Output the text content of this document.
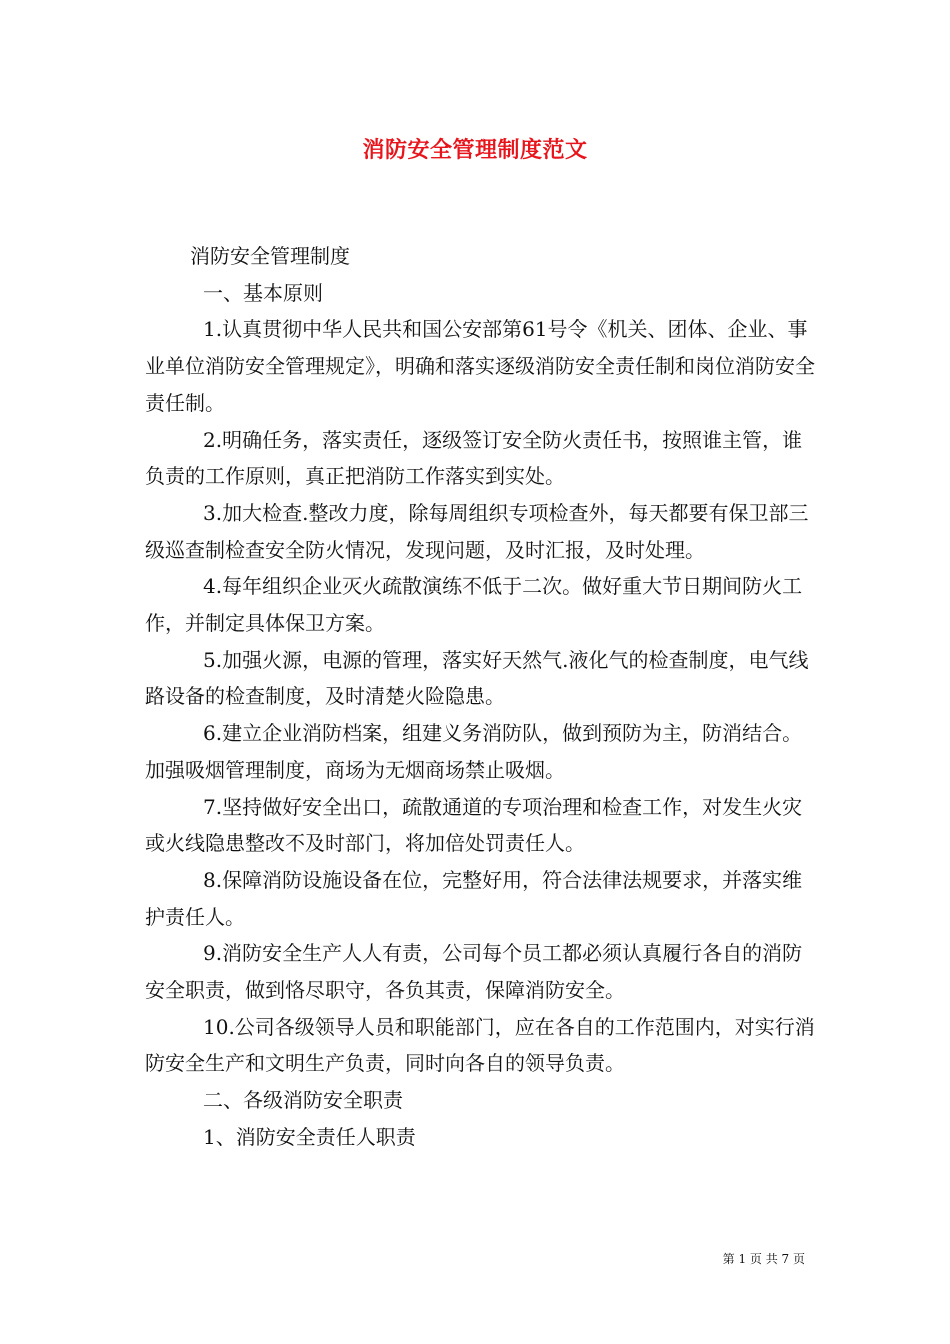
消防安全管理制度范文

消防安全管理制度

一、基本原则

1.认真贯彻中华人民共和国公安部第61号令《机关、团体、企业、事业单位消防安全管理规定》，明确和落实逐级消防安全责任制和岗位消防安全责任制。

2.明确任务，落实责任，逐级签订安全防火责任书，按照谁主管，谁负责的工作原则，真正把消防工作落实到实处。

3.加大检查.整改力度，除每周组织专项检查外，每天都要有保卫部三级巡查制检查安全防火情况，发现问题，及时汇报，及时处理。

4.每年组织企业灭火疏散演练不低于二次。做好重大节日期间防火工作，并制定具体保卫方案。

5.加强火源，电源的管理，落实好天然气.液化气的检查制度，电气线路设备的检查制度，及时清楚火险隐患。

6.建立企业消防档案，组建义务消防队，做到预防为主，防消结合。加强吸烟管理制度，商场为无烟商场禁止吸烟。

7.坚持做好安全出口，疏散通道的专项治理和检查工作，对发生火灾或火线隐患整改不及时部门，将加倍处罚责任人。

8.保障消防设施设备在位，完整好用，符合法律法规要求，并落实维护责任人。

9.消防安全生产人人有责，公司每个员工都必须认真履行各自的消防安全职责，做到恪尽职守，各负其责，保障消防安全。

10.公司各级领导人员和职能部门，应在各自的工作范围内，对实行消防安全生产和文明生产负责，同时向各自的领导负责。

二、各级消防安全职责

1、消防安全责任人职责

第 1 页 共 7 页
